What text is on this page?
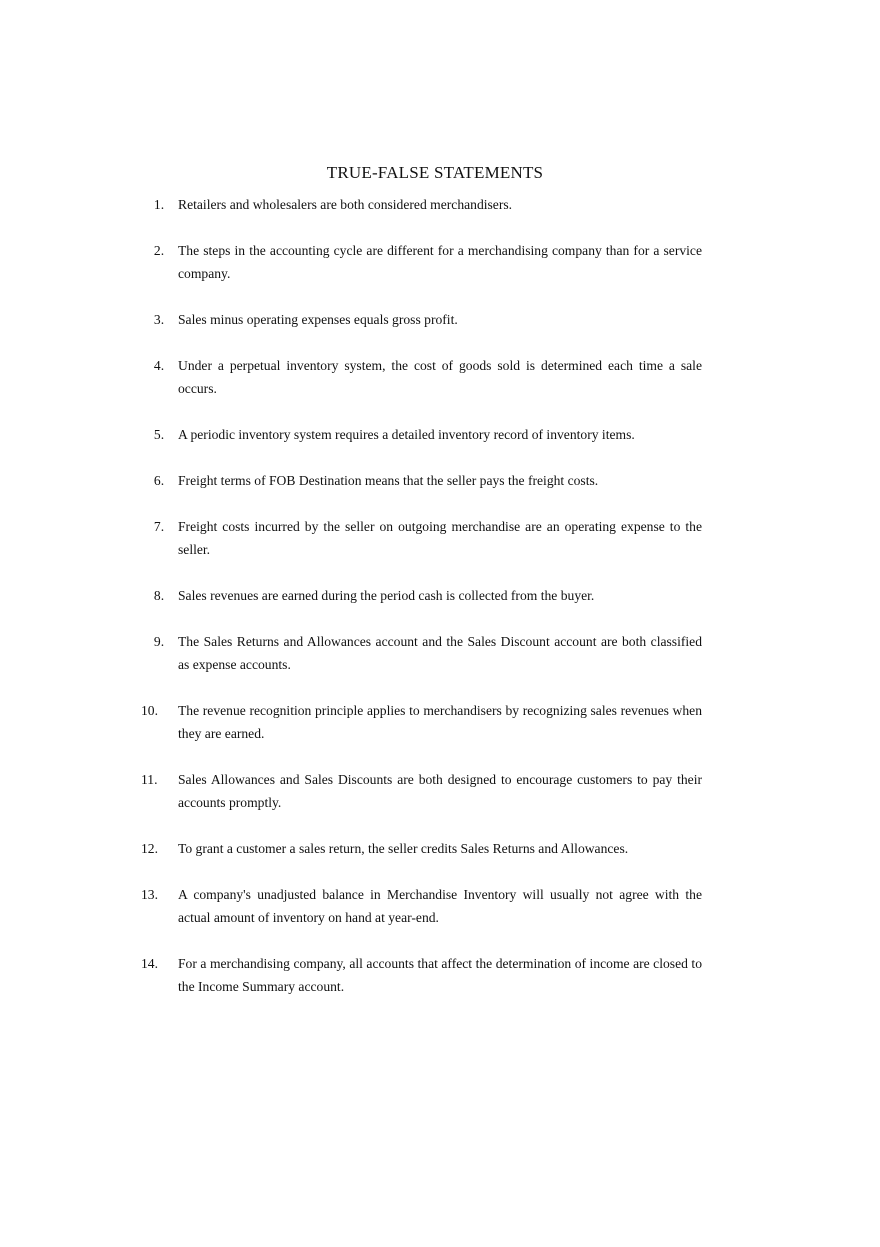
TRUE-FALSE STATEMENTS
1.	Retailers and wholesalers are both considered merchandisers.
2.	The steps in the accounting cycle are different for a merchandising company than for a service company.
3.	Sales minus operating expenses equals gross profit.
4.	Under a perpetual inventory system, the cost of goods sold is determined each time a sale occurs.
5.	A periodic inventory system requires a detailed inventory record of inventory items.
6.	Freight terms of FOB Destination means that the seller pays the freight costs.
7.	Freight costs incurred by the seller on outgoing merchandise are an operating expense to the seller.
8.	Sales revenues are earned during the period cash is collected from the buyer.
9.	The Sales Returns and Allowances account and the Sales Discount account are both classified as expense accounts.
10.	The revenue recognition principle applies to merchandisers by recognizing sales revenues when they are earned.
11.	Sales Allowances and Sales Discounts are both designed to encourage customers to pay their accounts promptly.
12.	To grant a customer a sales return, the seller credits Sales Returns and Allowances.
13.	A company's unadjusted balance in Merchandise Inventory will usually not agree with the actual amount of inventory on hand at year-end.
14.	For a merchandising company, all accounts that affect the determination of income are closed to the Income Summary account.
